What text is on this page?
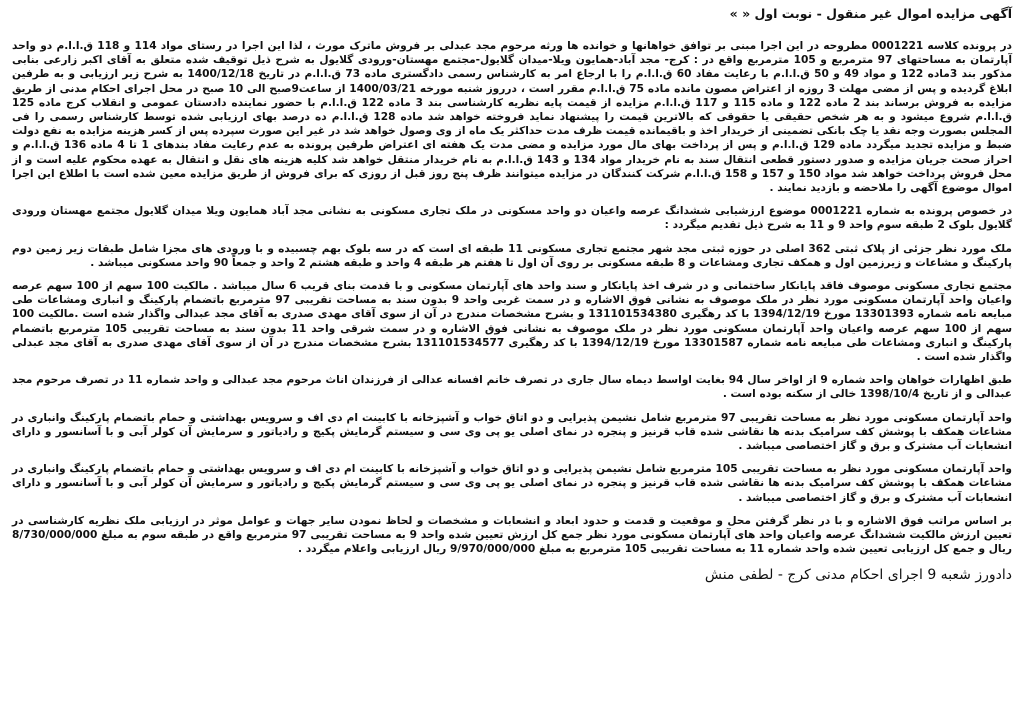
آگهی مزایده اموال غیر منقول - نوبت اول « »

در پرونده کلاسه 0001221 مطروحه در این اجرا مبنی بر توافق خواهانها و خوانده ها ورثه مرحوم مجد عبدلی بر فروش ماترک مورث ، لذا این اجرا در رستای مواد 114 و 118 ق.ا.ا.م دو واحد آپارتمان به مساحتهای 97 مترمربع و 105 مترمربع واقع در : کرج- مجد آباد-همایون ویلا-میدان گلایول-مجتمع مهستان-ورودی گلایول به شرح ذیل توقیف شده متعلق به آقای اکبر زارعی بنابی مذکور بند 3ماده 122 و مواد 49 و 50 ق.ا.ا.م با رعایت مفاد 60 ق.ا.ا.م را با ارجاع امر به کارشناس رسمی دادگستری ماده 73 ق.ا.ا.م در تاریخ 1400/12/18 به شرح زیر ارزیابی و به طرفین ابلاغ گردیده و پس از مضی مهلت 3 روزه از اعتراض مصون مانده ماده 75 ق.ا.ا.م مقرر است ، درروز شنبه مورخه 1400/03/21 از ساعت9صبح الی 10 صبح در محل اجرای احکام مدنی از طریق مزایده به فروش برساند بند 2 ماده 122 و ماده 115 و 117 ق.ا.ا.م مزایده از قیمت پایه نظریه کارشناسی بند 3 ماده 122 ق.ا.ا.م با حضور نماینده دادستان عمومی و انقلاب کرج ماده 125 ق.ا.ا.م شروع میشود و به هر شخص حقیقی یا حقوقی که بالاترین قیمت را پیشنهاد نماید فروخته خواهد شد ماده 128 ق.ا.ا.م ده درصد بهای ارزیابی شده توسط کارشناس رسمی را فی المجلس بصورت وجه نقد یا چک بانکی تضمینی از خریدار اخذ و باقیمانده قیمت ظرف مدت حداکثر یک ماه از وی وصول خواهد شد در غیر این صورت سپرده پس از کسر هزینه مزایده به نفع دولت ضبط و مزایده تجدید میگردد ماده 129 ق.ا.ا.م و پس از پرداخت بهای مال مورد مزایده و مضی مدت یک هفته ای اعتراض طرفین پرونده به عدم رعایت مفاد بندهای 1 تا 4 ماده 136 ق.ا.ا.م و احراز صحت جریان مزایده و صدور دستور قطعی انتقال سند به نام خریدار مواد 134 و 143 ق.ا.ا.م به نام خریدار منتقل خواهد شد کلیه هزینه های نقل و انتقال به عهده محکوم علیه است و از محل فروش پرداخت خواهد شد مواد 150 و 157 و 158 ق.ا.ا.م شرکت کنندگان در مزایده میتوانند ظرف پنج روز قبل از روزی که برای فروش از طریق مزایده معین شده است با اطلاع این اجرا اموال موضوع آگهی را ملاحضه و بازدید نمایند .

در خصوص پرونده به شماره 0001221 موضوع ارزشیابی ششدانگ عرصه واعیان دو واحد مسکونی در ملک تجاری مسکونی به نشانی مجد آباد همایون ویلا میدان گلایول مجتمع مهستان ورودی گلایول بلوک 2 طبقه سوم واحد 9 و 11 به شرح ذیل تقدیم میگردد :

ملک مورد نظر جزئی از پلاک ثبتی 362 اصلی در حوزه ثبتی مجد شهر مجتمع تجاری مسکونی 11 طبقه ای است که در سه بلوک بهم چسبیده و با ورودی های مجزا شامل طبقات زیر زمین دوم پارکینگ و مشاعات و زیرزمین اول و همکف تجاری ومشاعات و 8 طبقه مسکونی بر روی آن اول تا هفتم هر طبقه 4 واحد و طبقه هشتم 2 واحد و جمعاً 90 واحد مسکونی میباشد .

مجتمع تجاری مسکونی موصوف فاقد پایانکار ساختمانی و در شرف اخذ پایانکار و سند واحد های آپارتمان مسکونی و با قدمت بنای قریب 6 سال میباشد . مالکیت 100 سهم از 100 سهم عرصه واعیان واحد آپارتمان مسکونی مورد نظر در ملک موصوف به نشانی فوق الاشاره و در سمت غربی واحد 9 بدون سند به مساحت تقریبی 97 مترمربع باتضمام پارکینگ و انباری ومشاعات طی مبایعه نامه شماره 13301393 مورخ 1394/12/19 با کد رهگیری 131101534380 و بشرح مشخصات مندرج در آن از سوی آقای مهدی صدری به آقای مجد عبدالی واگذار شده است .مالکیت 100 سهم از 100 سهم عرصه واعیان واحد آپارتمان مسکونی مورد نظر در ملک موصوف به نشانی فوق الاشاره و در سمت شرقی واحد 11 بدون سند به مساحت تقریبی 105 مترمربع باتضمام پارکینگ و انباری ومشاعات طی مبایعه نامه شماره 13301587 مورخ 1394/12/19 با کد رهگیری 131101534577 بشرح مشخصات مندرج در آن از سوی آقای مهدی صدری به آقای مجد عبدلی واگذار شده است .

طبق اظهارات خواهان واحد شماره 9 از اواخر سال 94 بغایت اواسط دیماه سال جاری در تصرف خانم افسانه عدالی از فرزندان اناث مرحوم مجد عبدالی و واحد شماره 11 در تصرف مرحوم مجد عبدالی و از تاریخ 1398/10/4 خالی از سکنه بوده است .

واحد آپارتمان مسکونی مورد نظر به مساحت تقریبی 97 مترمربع شامل نشیمن پذیرایی و دو اتاق خواب و آشپزخانه با کابینت ام دی اف و سرویس بهداشتی و حمام باتضمام پارکینگ وانباری در مشاعات همکف با پوشش کف سرامیک بدنه ها نقاشی شده قاب قرنیز و پنجره در نمای اصلی یو پی وی سی و سیستم گرمایش پکیج و رادیاتور و سرمایش آن کولر آبی و با آسانسور و دارای انشعابات آب مشترک و برق و گاز اختصاصی میباشد .

واحد آپارتمان مسکونی مورد نظر به مساحت تقریبی 105 مترمربع شامل نشیمن پذیرایی و دو اتاق خواب و آشپزخانه با کابینت ام دی اف و سرویس بهداشتی و حمام باتضمام پارکینگ وانباری در مشاعات همکف با پوشش کف سرامیک بدنه ها نقاشی شده قاب قرنیز و پنجره در نمای اصلی یو پی وی سی و سیستم گرمایش پکیج و رادیاتور و سرمایش آن کولر آبی و با آسانسور و دارای انشعابات آب مشترک و برق و گاز اختصاصی میباشد .

بر اساس مراتب فوق الاشاره و با در نظر گرفتن محل و موقعیت و قدمت و حدود ابعاد و انشعابات و مشخصات و لحاظ نمودن سایر جهات و عوامل موثر در ارزیابی ملک نظریه کارشناسی در تعیین ارزش مالکیت ششدانگ عرصه واعیان واحد های آپارتمان مسکونی مورد نظر جمع کل ارزش تعیین شده واحد 9 به مساحت تقریبی 97 مترمربع واقع در طبقه سوم به مبلغ 8/730/000/000 ریال و جمع کل ارزیابی تعیین شده واحد شماره 11 به مساحت تقریبی 105 مترمربع به مبلغ 9/970/000/000 ریال ارزیابی واعلام میگردد .

دادورز شعبه 9 اجرای احکام مدنی کرج - لطفی منش
